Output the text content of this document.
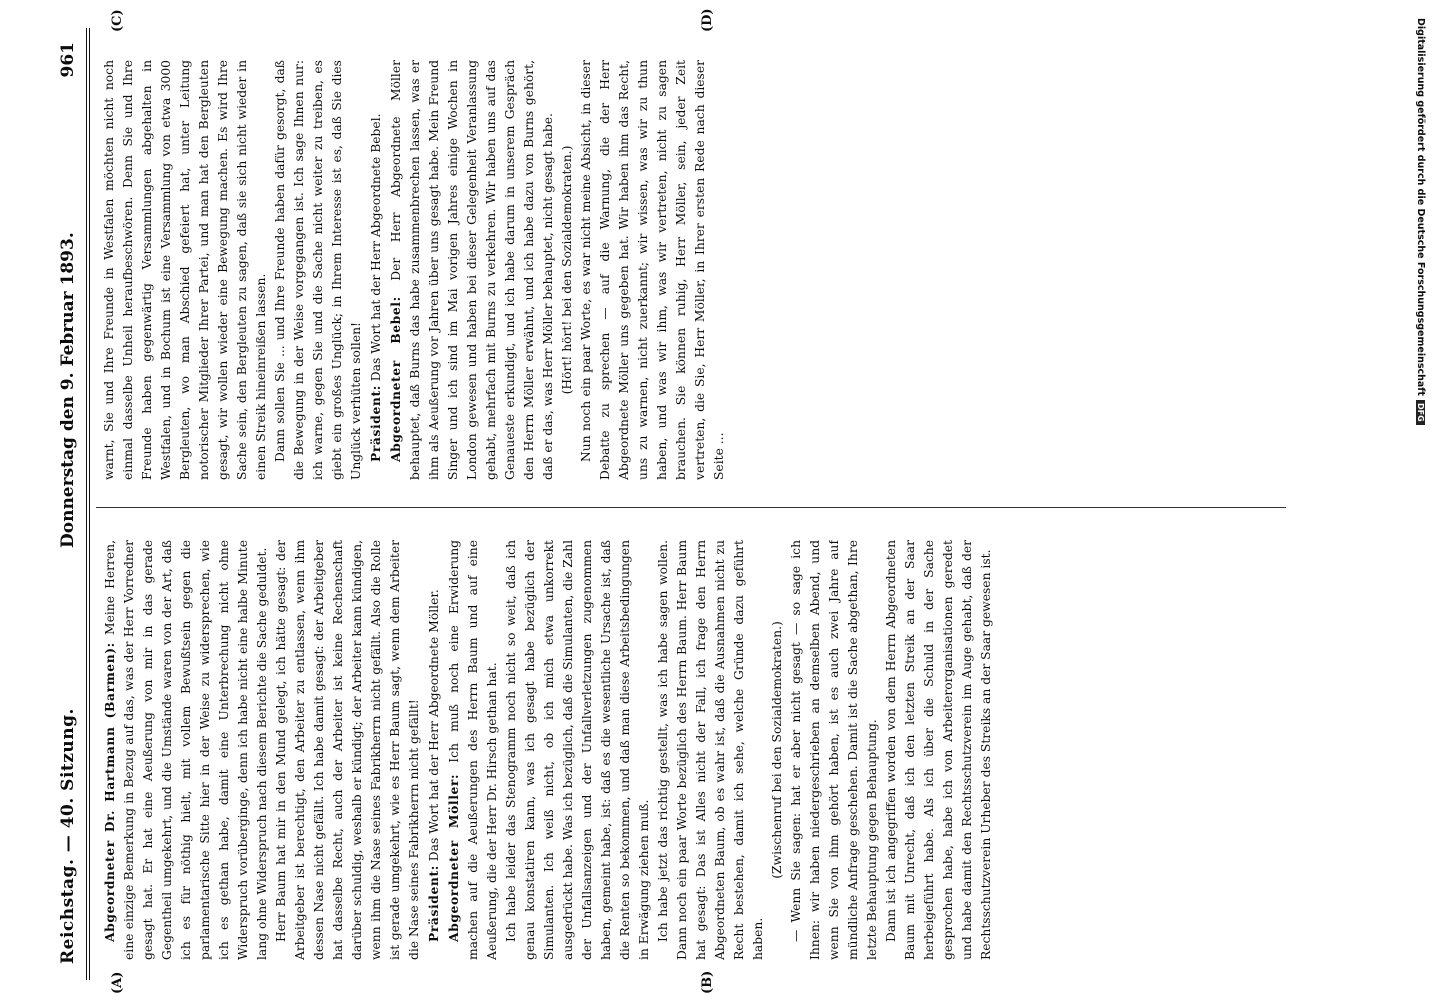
Reichstag. — 40. Sitzung.
Donnerstag den 9. Februar 1893.
961
(A)	(B)
(C)	(D)

Abgeordneter Dr. Hartmann (Barmen): Meine Herren, eine einzige Bemerkung in Bezug auf das, was der Herr Vorredner gesagt hat. Er hat eine Aeußerung von mir in das gerade Gegentheil umgekehrt, und die Umstände waren von der Art, daß ich es für nöthig hielt, mit vollem Bewußtsein gegen die parlamentarische Sitte hier in der Weise zu widersprechen, wie ich es gethan habe, damit eine Unterbrechung nicht ohne Widerspruch vorüberginge, denn ich habe nicht eine halbe Minute lang ohne Widerspruch nach diesem Berichte die Sache geduldet. Herr Baum hat mir in den Mund gelegt, ich hätte gesagt: der Arbeitgeber ist berechtigt, den Arbeiter zu entlassen, wenn ihm dessen Nase nicht gefällt. Ich habe damit gesagt: der Arbeitgeber hat dasselbe Recht, auch der Arbeiter ist keine Rechenschaft darüber schuldig, weshalb er kündigt; der Arbeiter kann kündigen, wenn ihm die Nase seines Fabrikherrn nicht gefällt. Also die Rolle ist gerade umgekehrt, wie es Herr Baum sagt, wenn dem Arbeiter die Nase seines Fabrikherrn nicht gefällt! Präsident: Das Wort hat der Herr Abgeordnete Möller. Abgeordneter Möller: Ich muß noch eine Erwiderung machen auf die Aeußerungen des Herrn Baum und auf eine Aeußerung, die der Herr Dr. Hirsch gethan hat. Ich habe leider das Stenogramm noch nicht so weit, daß ich genau konstatiren kann, was ich gesagt habe bezüglich der Simulanten. Ich weiß nicht, ob ich mich etwa unkorrekt ausgedrückt habe. Was ich bezüglich, daß die Simulanten, die Zahl der Unfallsanzeigen und der Unfallverletzungen zugenommen haben, gemeint habe, ist: daß es die wesentliche Ursache ist, daß die Renten so bekommen, und daß man diese Arbeitsbedingungen in Erwägung ziehen muß. Ich habe jetzt das richtig gestellt, was ich habe sagen wollen. Dann noch ein paar Worte bezüglich des Herrn Baum. Herr Baum hat gesagt: Das ist Alles nicht der Fall, ich frage den Herrn Abgeordneten Baum, ob es wahr ist, daß die Ausnahmen nicht zu Recht bestehen, damit ich sehe, welche Gründe dazu geführt haben.

(Zwischenruf bei den Sozialdemokraten.) — Wenn Sie sagen: hat er aber nicht gesagt — so sage ich Ihnen: wir haben niedergeschrieben an demselben Abend, und wenn Sie von ihm gehört haben, ist es auch zwei Jahre auf mündliche Anfrage geschehen. Damit ist die Sache abgethan, Ihre letzte Behauptung gegen Behauptung. Dann ist ich angegriffen worden von dem Herrn Abgeordneten Baum mit Unrecht, daß ich den letzten Streik an der Saar herbeigeführt habe. Als ich über die Schuld in der Sache gesprochen habe, habe ich von Arbeiterorganisationen geredet und habe damit den Rechtsschutzverein im Auge gehabt, daß der Rechtsschutzverein Urheber des Streiks an der Saar gewesen ist.

warnt, Sie und Ihre Freunde in Westfalen möchten nicht noch einmal dasselbe Unheil heraufbeschwören. Denn Sie und Ihre Freunde haben gegenwärtig Versammlungen abgehalten in Westfalen, und in Bochum ist eine Versammlung von etwa 3000 Bergleuten, wo man Abschied gefeiert hat, unter Leitung notorischer Mitglieder Ihrer Partei, und man hat den Bergleuten gesagt, wir wollen wieder eine Bewegung machen. Es wird Ihre Sache sein, den Bergleuten zu sagen, daß sie sich nicht wieder in einen Streik hineinreißen lassen. Dann sollen Sie ... und Ihre Freunde haben dafür gesorgt, daß die Bewegung in der Weise vorgegangen ist. Ich sage Ihnen nur: ich warne, gegen Sie und die Sache nicht weiter zu treiben, es giebt ein großes Unglück; in Ihrem Interesse ist es, daß Sie dies Unglück verhüten sollen! Präsident: Das Wort hat der Herr Abgeordnete Bebel. Abgeordneter Bebel: Der Herr Abgeordnete Möller behauptet, daß Burns das habe zusammenbrechen lassen, was er ihm als Aeußerung vor Jahren über uns gesagt habe. Mein Freund Singer und ich sind im Mai vorigen Jahres einige Wochen in London gewesen und haben bei dieser Gelegenheit Veranlassung gehabt, mehrfach mit Burns zu verkehren. Wir haben uns auf das Genaueste erkundigt, und ich habe darum in unserem Gespräch den Herrn Möller erwähnt, und ich habe dazu von Burns gehört, daß er das, was Herr Möller behauptet, nicht gesagt habe. (Hört! hört! bei den Sozialdemokraten.) Nun noch ein paar Worte, es war nicht meine Absicht, in dieser Debatte zu sprechen — auf die Warnung, die der Herr Abgeordnete Möller uns gegeben hat. Wir haben ihm das Recht, uns zu warnen, nicht zuerkannt; wir wissen, was wir zu thun haben, und was wir ihm, was wir vertreten, nicht zu sagen brauchen. Sie können ruhig, Herr Möller, sein, jeder Zeit vertreten, die Sie, Herr Möller, in Ihrer ersten Rede nach dieser Seite ...

Digitalisierung gefördert durch die Deutsche ForschungsgemeinschaftDFG
